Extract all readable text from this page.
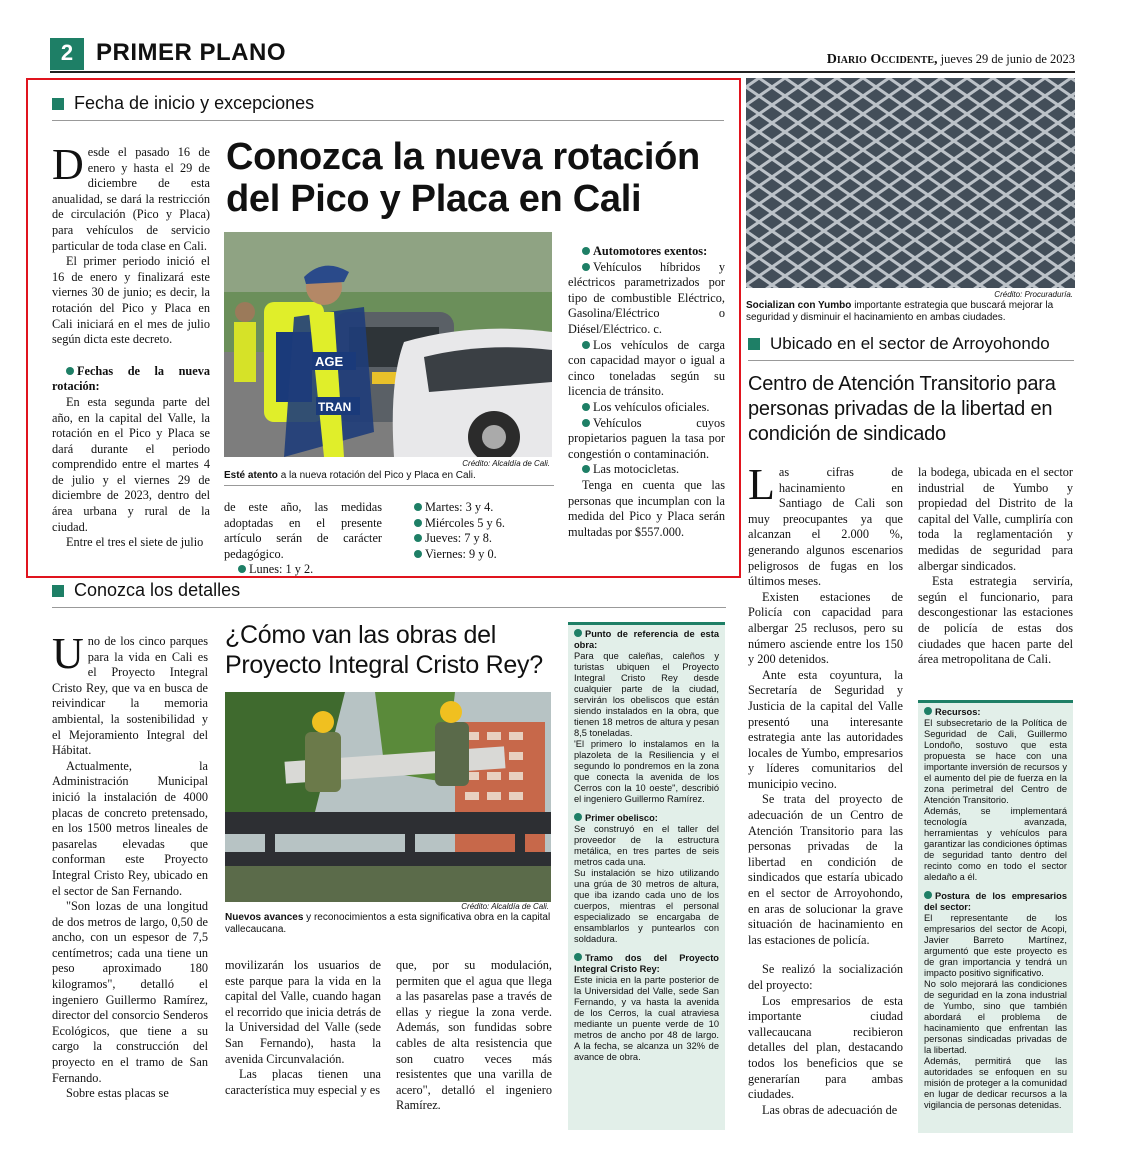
2 PRIMER PLANO	Diario Occidente, jueves 29 de junio de 2023
Fecha de inicio y excepciones

Desde el pasado 16 de enero y hasta el 29 de diciembre de esta anualidad, se dará la restricción de circulación (Pico y Placa) para vehículos de servicio particular de toda clase en Cali.

El primer periodo inició el 16 de enero y finalizará este viernes 30 de junio; es decir, la rotación del Pico y Placa en Cali iniciará en el mes de julio según dicta este decreto.

Fechas de la nueva rotación:

En esta segunda parte del año, en la capital del Valle, la rotación en el Pico y Placa se dará durante el periodo comprendido entre el martes 4 de julio y el viernes 29 de diciembre de 2023, dentro del área urbana y rural de la ciudad.

Entre el tres el siete de julio

Conozca la nueva rotación
del Pico y Placa en Cali
AGE
TRAN
Crédito: Alcaldía de Cali.
Esté atento a la nueva rotación del Pico y Placa en Cali.

de este año, las medidas adoptadas en el presente artículo serán de carácter pedagógico.

Lunes: 1 y 2.

Martes: 3 y 4.

Miércoles 5 y 6.

Jueves: 7 y 8.

Viernes: 9 y 0.

Automotores exentos:

Vehículos híbridos y eléctricos parametrizados por tipo de combustible Eléctrico, Gasolina/Eléctrico o Diésel/Eléctrico. c.

Los vehículos de carga con capacidad mayor o igual a cinco toneladas según su licencia de tránsito.

Los vehículos oficiales.

Vehículos cuyos propietarios paguen la tasa por congestión o contaminación.

Las motocicletas.

Tenga en cuenta que las personas que incumplan con la medida del Pico y Placa serán multadas por $557.000.

Crédito: Procuraduría.
Socializan con Yumbo importante estrategia que buscará mejorar la seguridad y disminuir el hacinamiento en ambas ciudades.
Ubicado en el sector de Arroyohondo
Centro de Atención Transitorio para personas privadas de la libertad en condición de sindicado

Las cifras de hacinamiento en Santiago de Cali son muy preocupantes ya que alcanzan el 2.000 %, generando algunos escenarios peligrosos de fugas en los últimos meses.

Existen estaciones de Policía con capacidad para albergar 25 reclusos, pero su número asciende entre los 150 y 200 detenidos.

Ante esta coyuntura, la Secretaría de Seguridad y Justicia de la capital del Valle presentó una interesante estrategia ante las autoridades locales de Yumbo, empresarios y líderes comunitarios del municipio vecino.

Se trata del proyecto de adecuación de un Centro de Atención Transitorio para las personas privadas de la libertad en condición de sindicados que estaría ubicado en el sector de Arroyohondo, en aras de solucionar la grave situación de hacinamiento en las estaciones de policía.

Se realizó la socialización del proyecto:

Los empresarios de esta importante ciudad vallecaucana recibieron detalles del plan, destacando todos los beneficios que se generarían para ambas ciudades.

Las obras de adecuación de

la bodega, ubicada en el sector industrial de Yumbo y propiedad del Distrito de la capital del Valle, cumpliría con toda la reglamentación y medidas de seguridad para albergar sindicados.

Esta estrategia serviría, según el funcionario, para descongestionar las estaciones de policía de estas dos ciudades que hacen parte del área metropolitana de Cali.

Recursos:
El subsecretario de la Política de Seguridad de Cali, Guillermo Londoño, sostuvo que esta propuesta se hace con una importante inversión de recursos y el aumento del pie de fuerza en la zona perimetral del Centro de Atención Transitorio.
Además, se implementará tecnología avanzada, herramientas y vehículos para garantizar las condiciones óptimas de seguridad tanto dentro del recinto como en todo el sector aledaño a él.
Postura de los empresarios del sector:
El representante de los empresarios del sector de Acopi, Javier Barreto Martínez, argumentó que este proyecto es de gran importancia y tendrá un impacto positivo significativo.
No solo mejorará las condiciones de seguridad en la zona industrial de Yumbo, sino que también abordará el problema de hacinamiento que enfrentan las personas sindicadas privadas de la libertad.
Además, permitirá que las autoridades se enfoquen en su misión de proteger a la comunidad en lugar de dedicar recursos a la vigilancia de personas detenidas.
Conozca los detalles

Uno de los cinco parques para la vida en Cali es el Proyecto Integral Cristo Rey, que va en busca de reivindicar la memoria ambiental, la sostenibilidad y el Mejoramiento Integral del Hábitat.

Actualmente, la Administración Municipal inició la instalación de 4000 placas de concreto pretensado, en los 1500 metros lineales de pasarelas elevadas que conforman este Proyecto Integral Cristo Rey, ubicado en el sector de San Fernando.

"Son lozas de una longitud de dos metros de largo, 0,50 de ancho, con un espesor de 7,5 centímetros; cada una tiene un peso aproximado 180 kilogramos", detalló el ingeniero Guillermo Ramírez, director del consorcio Senderos Ecológicos, que tiene a su cargo la construcción del proyecto en el tramo de San Fernando.

Sobre estas placas se

¿Cómo van las obras del Proyecto Integral Cristo Rey?
Crédito: Alcaldía de Cali.
Nuevos avances y reconocimientos a esta significativa obra en la capital vallecaucana.

movilizarán los usuarios de este parque para la vida en la capital del Valle, cuando hagan el recorrido que inicia detrás de la Universidad del Valle (sede San Fernando), hasta la avenida Circunvalación.

Las placas tienen una característica muy especial y es

que, por su modulación, permiten que el agua que llega a las pasarelas pase a través de ellas y riegue la zona verde. Además, son fundidas sobre cables de alta resistencia que son cuatro veces más resistentes que una varilla de acero", detalló el ingeniero Ramírez.

Punto de referencia de esta obra:
Para que caleñas, caleños y turistas ubiquen el Proyecto Integral Cristo Rey desde cualquier parte de la ciudad, servirán los obeliscos que están siendo instalados en la obra, que tienen 18 metros de altura y pesan 8,5 toneladas.
'El primero lo instalamos en la plazoleta de la Resiliencia y el segundo lo pondremos en la zona que conecta la avenida de los Cerros con la 10 oeste", describió el ingeniero Guillermo Ramírez.
Primer obelisco:
Se construyó en el taller del proveedor de la estructura metálica, en tres partes de seis metros cada una.
Su instalación se hizo utilizando una grúa de 30 metros de altura, que iba izando cada uno de los cuerpos, mientras el personal especializado se encargaba de ensamblarlos y puntearlos con soldadura.
Tramo dos del Proyecto Integral Cristo Rey:
Este inicia en la parte posterior de la Universidad del Valle, sede San Fernando, y va hasta la avenida de los Cerros, la cual atraviesa mediante un puente verde de 10 metros de ancho por 48 de largo. A la fecha, se alcanza un 32% de avance de obra.
